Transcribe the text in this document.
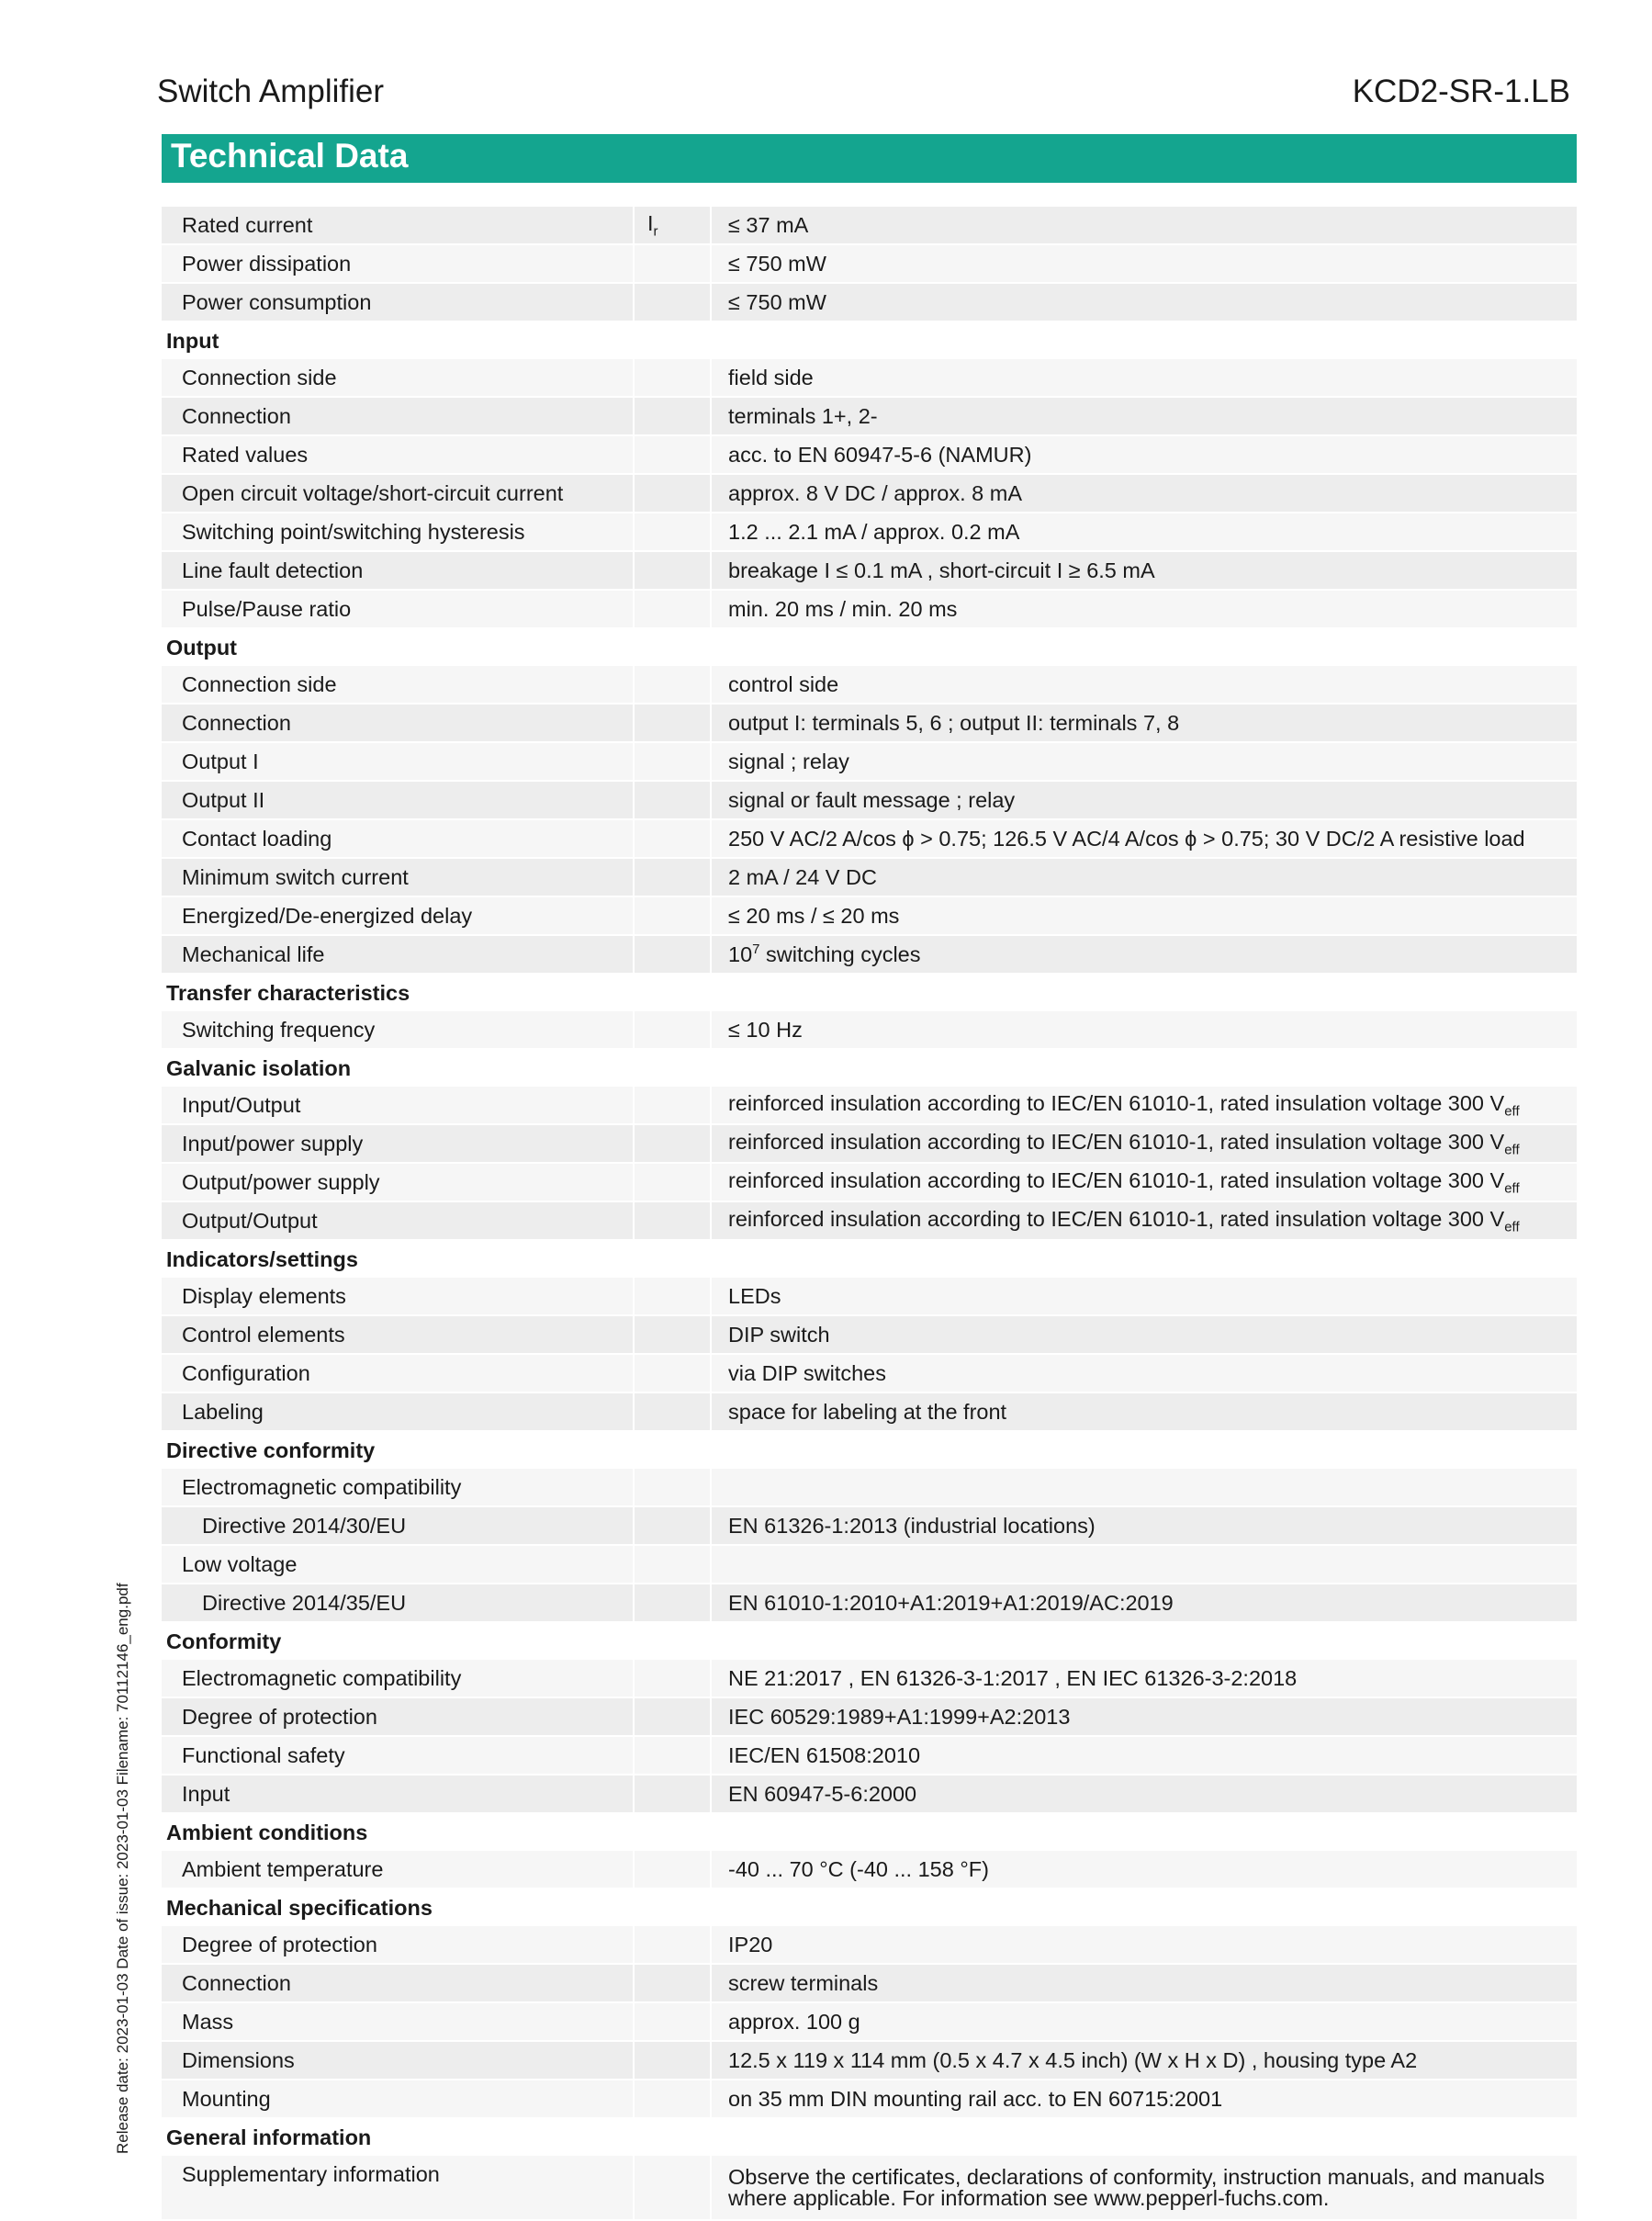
Switch Amplifier	KCD2-SR-1.LB
Technical Data
Rated current	$I_r$	≤ 37 mA
Power dissipation		≤ 750 mW
Power consumption		≤ 750 mW
Input		
Connection side		field side
Connection		terminals 1+, 2-
Rated values		acc. to EN 60947-5-6 (NAMUR)
Open circuit voltage/short-circuit current		approx. 8 V DC / approx. 8 mA
Switching point/switching hysteresis		1.2 ... 2.1 mA / approx. 0.2 mA
Line fault detection		breakage I ≤ 0.1 mA , short-circuit I ≥ 6.5 mA
Pulse/Pause ratio		min. 20 ms / min. 20 ms
Output		
Connection side		control side
Connection		output I: terminals 5, 6 ; output II: terminals 7, 8
Output I		signal ; relay
Output II		signal or fault message ; relay
Contact loading		250 V AC/2 A/cos ϕ > 0.75; 126.5 V AC/4 A/cos ϕ > 0.75; 30 V DC/2 A resistive load
Minimum switch current		2 mA / 24 V DC
Energized/De-energized delay		≤ 20 ms / ≤ 20 ms
Mechanical life		$10^7$ switching cycles
Transfer characteristics		
Switching frequency		≤ 10 Hz
Galvanic isolation		
Input/Output		reinforced insulation according to IEC/EN 61010-1, rated insulation voltage 300 $V_{eff}$
Input/power supply		reinforced insulation according to IEC/EN 61010-1, rated insulation voltage 300 $V_{eff}$
Output/power supply		reinforced insulation according to IEC/EN 61010-1, rated insulation voltage 300 $V_{eff}$
Output/Output		reinforced insulation according to IEC/EN 61010-1, rated insulation voltage 300 $V_{eff}$
Indicators/settings		
Display elements		LEDs
Control elements		DIP switch
Configuration		via DIP switches
Labeling		space for labeling at the front
Directive conformity		
Electromagnetic compatibility		
Directive 2014/30/EU		EN 61326-1:2013 (industrial locations)
Low voltage		
Directive 2014/35/EU		EN 61010-1:2010+A1:2019+A1:2019/AC:2019
Conformity		
Electromagnetic compatibility		NE 21:2017 , EN 61326-3-1:2017 , EN IEC 61326-3-2:2018
Degree of protection		IEC 60529:1989+A1:1999+A2:2013
Functional safety		IEC/EN 61508:2010
Input		EN 60947-5-6:2000
Ambient conditions		
Ambient temperature		-40 ... 70 °C (-40 ... 158 °F)
Mechanical specifications		
Degree of protection		IP20
Connection		screw terminals
Mass		approx. 100 g
Dimensions		12.5 x 119 x 114 mm (0.5 x 4.7 x 4.5 inch) (W x H x D) , housing type A2
Mounting		on 35 mm DIN mounting rail acc. to EN 60715:2001
General information		
Supplementary information		Observe the certificates, declarations of conformity, instruction manuals, and manuals where applicable. For information see www.pepperl-fuchs.com.
Release date: 2023-01-03 Date of issue: 2023-01-03 Filename: 70112146_eng.pdf
